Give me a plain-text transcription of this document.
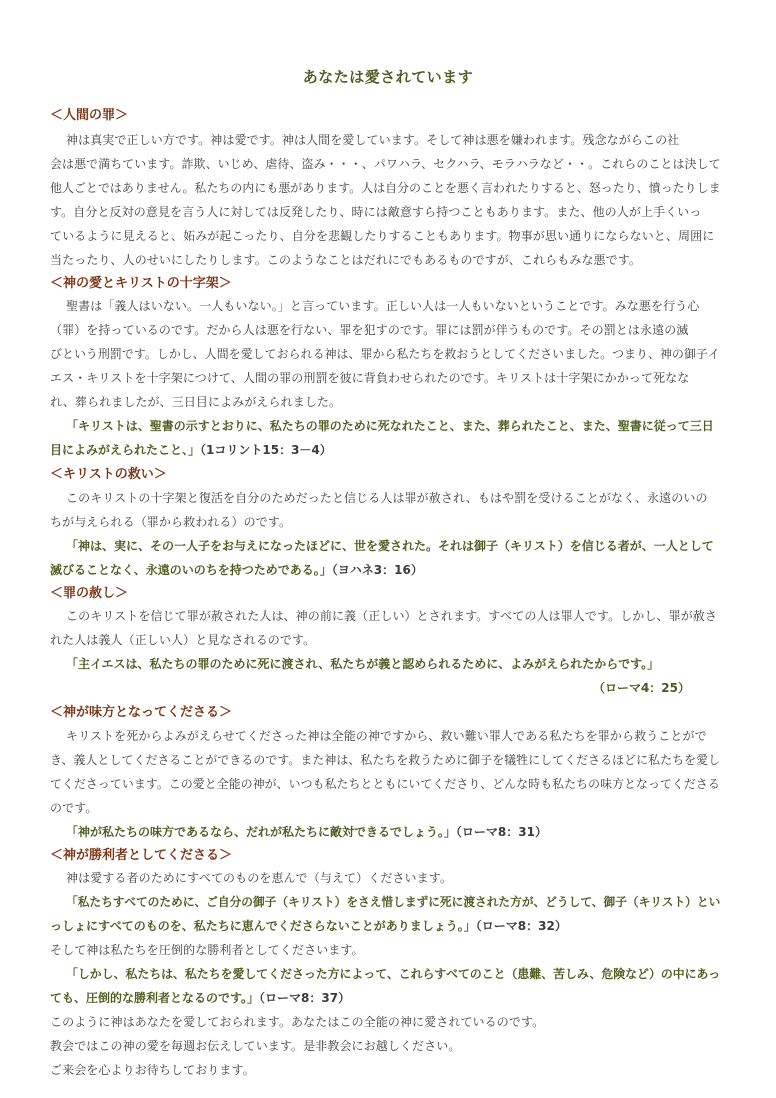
あなたは愛されています
＜人間の罪＞
神は真実で正しい方です。神は愛です。神は人間を愛しています。そして神は悪を嫌われます。残念ながらこの社
会は悪で満ちています。詐欺、いじめ、虐待、盗み・・・、パワハラ、セクハラ、モラハラなど・・。これらのことは決して
他人ごとではありません。私たちの内にも悪があります。人は自分のことを悪く言われたりすると、怒ったり、憤ったりしま
す。自分と反対の意見を言う人に対しては反発したり、時には敵意すら持つこともあります。また、他の人が上手くいっ
ているように見えると、妬みが起こったり、自分を悲観したりすることもあります。物事が思い通りにならないと、周囲に
当たったり、人のせいにしたりします。このようなことはだれにでもあるものですが、これらもみな悪です。
＜神の愛とキリストの十字架＞
聖書は「義人はいない。一人もいない。」と言っています。正しい人は一人もいないということです。みな悪を行う心
（罪）を持っているのです。だから人は悪を行ない、罪を犯すのです。罪には罰が伴うものです。その罰とは永遠の滅
びという刑罰です。しかし、人間を愛しておられる神は、罪から私たちを救おうとしてくださいました。つまり、神の御子イ
エス・キリストを十字架につけて、人間の罪の刑罰を彼に背負わせられたのです。キリストは十字架にかかって死なな
れ、葬られましたが、三日目によみがえられました。
「キリストは、聖書の示すとおりに、私たちの罪のために死なれたこと、また、葬られたこと、また、聖書に従って三日
目によみがえられたこと、」（1コリント15：3－4）
＜キリストの救い＞
このキリストの十字架と復活を自分のためだったと信じる人は罪が赦され、もはや罰を受けることがなく、永遠のいの
ちが与えられる（罪から救われる）のです。
「神は、実に、その一人子をお与えになったほどに、世を愛された。それは御子（キリスト）を信じる者が、一人として
滅びることなく、永遠のいのちを持つためである。」（ヨハネ3：16）
＜罪の赦し＞
このキリストを信じて罪が赦された人は、神の前に義（正しい）とされます。すべての人は罪人です。しかし、罪が赦さ
れた人は義人（正しい人）と見なされるのです。
「主イエスは、私たちの罪のために死に渡され、私たちが義と認められるために、よみがえられたからです。」
（ローマ4：25）
＜神が味方となってくださる＞
キリストを死からよみがえらせてくださった神は全能の神ですから、救い難い罪人である私たちを罪から救うことがで
き、義人としてくださることができるのです。また神は、私たちを救うために御子を犠牲にしてくださるほどに私たちを愛し
てくださっています。この愛と全能の神が、いつも私たちとともにいてくださり、どんな時も私たちの味方となってくださる
のです。
「神が私たちの味方であるなら、だれが私たちに敵対できるでしょう。」（ローマ8：31）
＜神が勝利者としてくださる＞
神は愛する者のためにすべてのものを恵んで（与えて）くださいます。
「私たちすべてのために、ご自分の御子（キリスト）をさえ惜しまずに死に渡された方が、どうして、御子（キリスト）とい
っしょにすべてのものを、私たちに恵んでくださらないことがありましょう。」（ローマ8：32）
そして神は私たちを圧倒的な勝利者としてくださいます。
「しかし、私たちは、私たちを愛してくださった方によって、これらすべてのこと（患難、苦しみ、危険など）の中にあっ
ても、圧倒的な勝利者となるのです。」（ローマ8：37）
このように神はあなたを愛しておられます。あなたはこの全能の神に愛されているのです。
教会ではこの神の愛を毎週お伝えしています。是非教会にお越しください。
ご来会を心よりお待ちしております。
